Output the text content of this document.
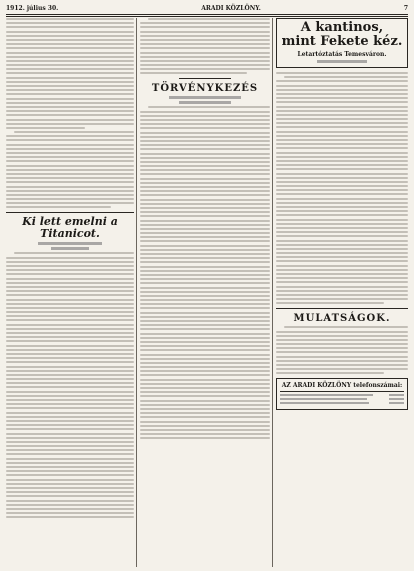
1912. július 30.	ARADI KÖZLÖNY.	7
Ki lett emelni a Titanicot.
TÖRVÉNYKEZÉS
A kantinos,
mint Fekete kéz.
Letartóztatás Temesváron.
MULATSÁGOK.
AZ ARADI KÖZLÖNY telefonszámai:
